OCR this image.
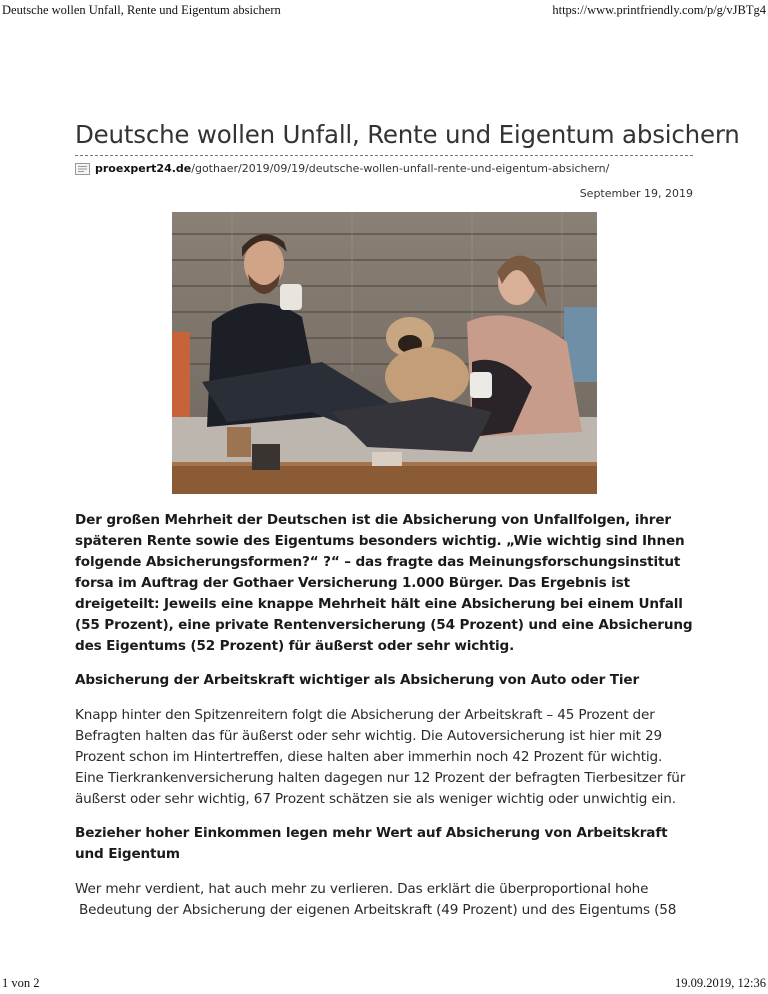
Deutsche wollen Unfall, Rente und Eigentum absichern	https://www.printfriendly.com/p/g/vJBTg4
Deutsche wollen Unfall, Rente und Eigentum absichern
proexpert24.de/gothaer/2019/09/19/deutsche-wollen-unfall-rente-und-eigentum-absichern/
September 19, 2019
Der großen Mehrheit der Deutschen ist die Absicherung von Unfallfolgen, ihrer späteren Rente sowie des Eigentums besonders wichtig. „Wie wichtig sind Ihnen folgende Absicherungsformen?“ ?“ – das fragte das Meinungsforschungsinstitut forsa im Auftrag der Gothaer Versicherung 1.000 Bürger. Das Ergebnis ist dreigeteilt: Jeweils eine knappe Mehrheit hält eine Absicherung bei einem Unfall (55 Prozent), eine private Rentenversicherung (54 Prozent) und eine Absicherung des Eigentums (52 Prozent) für äußerst oder sehr wichtig.
Absicherung der Arbeitskraft wichtiger als Absicherung von Auto oder Tier

Knapp hinter den Spitzenreitern folgt die Absicherung der Arbeitskraft – 45 Prozent der Befragten halten das für äußerst oder sehr wichtig. Die Autoversicherung ist hier mit 29 Prozent schon im Hintertreffen, diese halten aber immerhin noch 42 Prozent für wichtig. Eine Tierkrankenversicherung halten dagegen nur 12 Prozent der befragten Tierbesitzer für äußerst oder sehr wichtig, 67 Prozent schätzen sie als weniger wichtig oder unwichtig ein.

Bezieher hoher Einkommen legen mehr Wert auf Absicherung von Arbeitskraft und Eigentum
Wer mehr verdient, hat auch mehr zu verlieren. Das erklärt die überproportional hohe
Bedeutung der Absicherung der eigenen Arbeitskraft (49 Prozent) und des Eigentums (58
1 von 2	19.09.2019, 12:36
